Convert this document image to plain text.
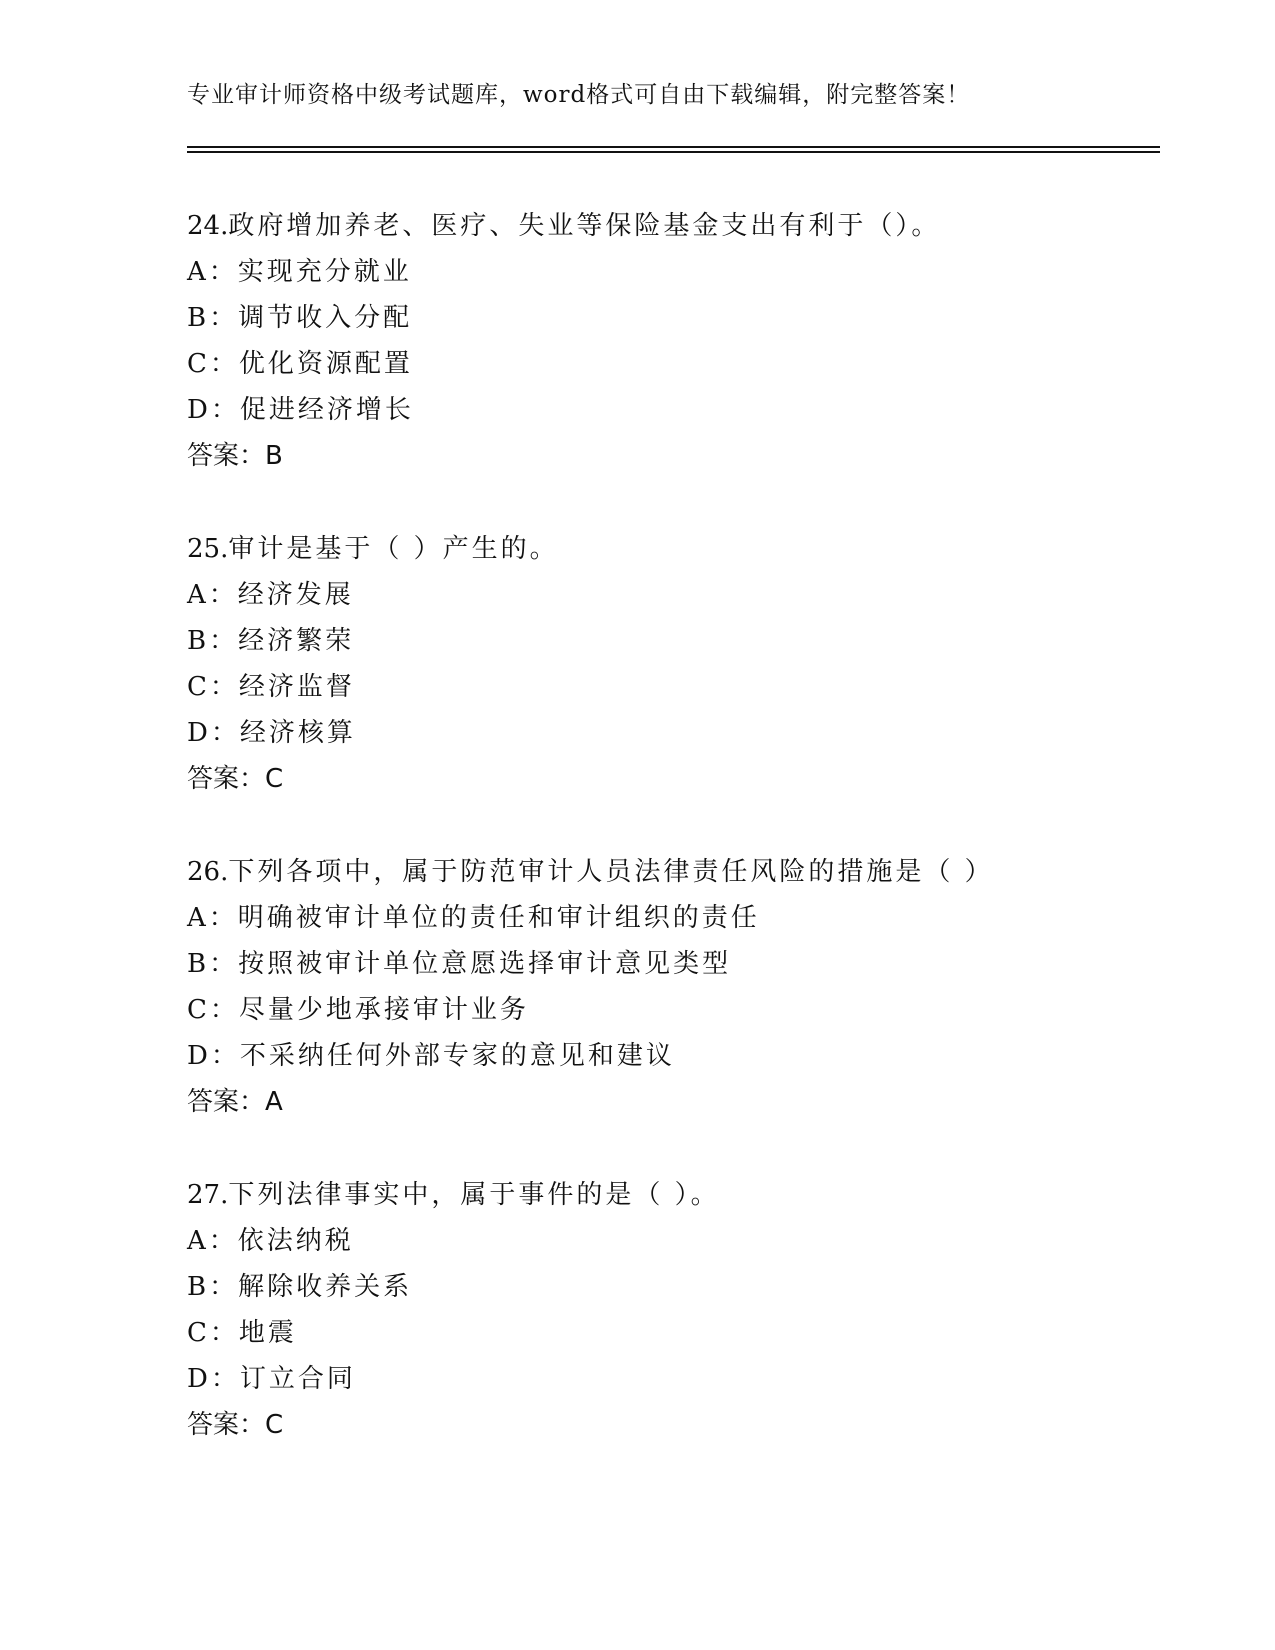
专业审计师资格中级考试题库，word格式可自由下载编辑，附完整答案！
24.政府增加养老、医疗、失业等保险基金支出有利于（）。
A：实现充分就业
B：调节收入分配
C：优化资源配置
D：促进经济增长
答案：B
25.审计是基于（ ）产生的。
A：经济发展
B：经济繁荣
C：经济监督
D：经济核算
答案：C
26.下列各项中，属于防范审计人员法律责任风险的措施是（ ）
A：明确被审计单位的责任和审计组织的责任
B：按照被审计单位意愿选择审计意见类型
C：尽量少地承接审计业务
D：不采纳任何外部专家的意见和建议
答案：A
27.下列法律事实中，属于事件的是（ ）。
A：依法纳税
B：解除收养关系
C：地震
D：订立合同
答案：C
